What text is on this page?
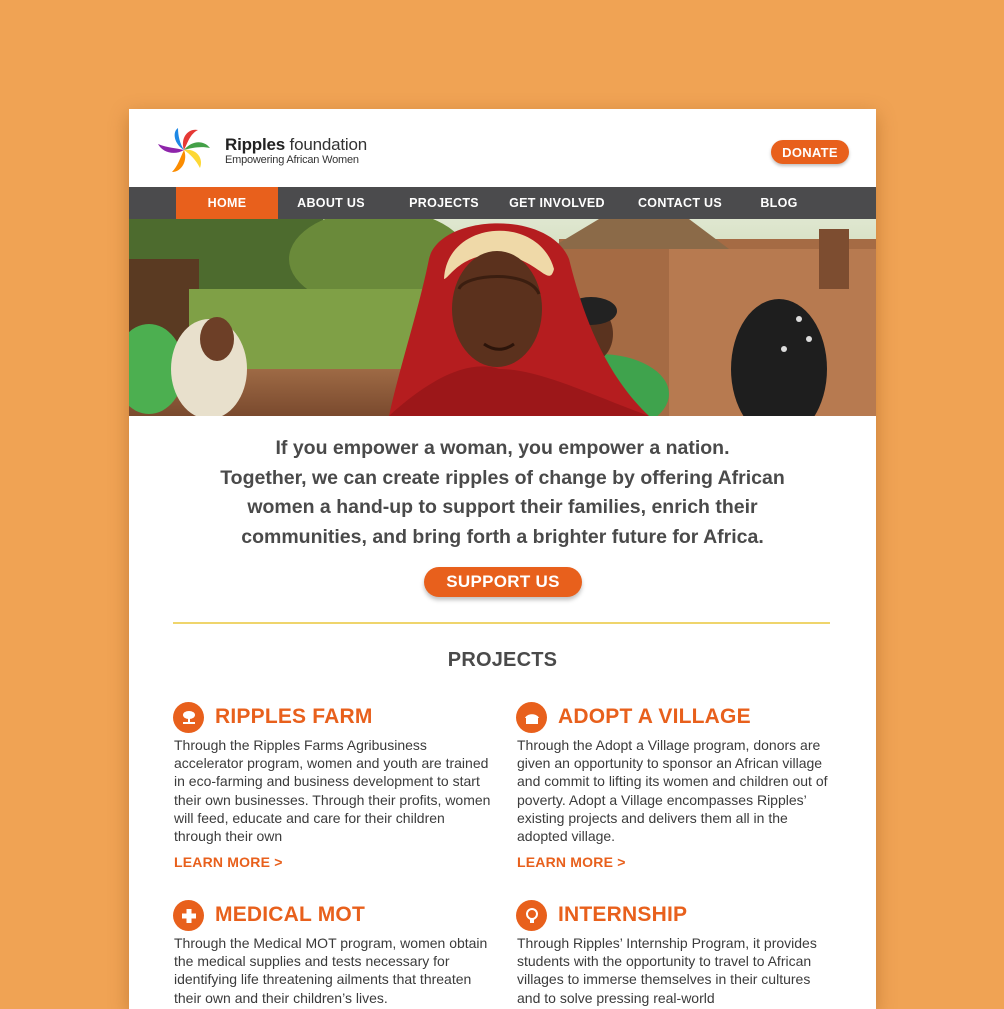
Ripples foundation
Empowering African Women
DONATE
HOME	ABOUT US	PROJECTS	GET INVOLVED	CONTACT US	BLOG
If you empower a woman, you empower a nation.
Together, we can create ripples of change by offering African
women a hand-up to support their families, enrich their
communities, and bring forth a brighter future for Africa.
SUPPORT US
PROJECTS
RIPPLES FARM
Through the Ripples Farms Agribusiness accelerator program, women and youth are trained in eco-farming and business development to start their own businesses. Through their profits, women will feed, educate and care for their children through their own
LEARN MORE >
ADOPT A VILLAGE
Through the Adopt a Village program, donors are given an opportunity to sponsor an African village and commit to lifting its women and children out of poverty. Adopt a Village encompasses Ripples’ existing projects and delivers them all in the adopted village.
LEARN MORE >
MEDICAL MOT
Through the Medical MOT program, women obtain the medical supplies and tests necessary for identifying life threatening ailments that threaten their own and their children’s lives.
INTERNSHIP
Through Ripples’ Internship Program, it provides students with the opportunity to travel to African villages to immerse themselves in their cultures and to solve pressing real-world
